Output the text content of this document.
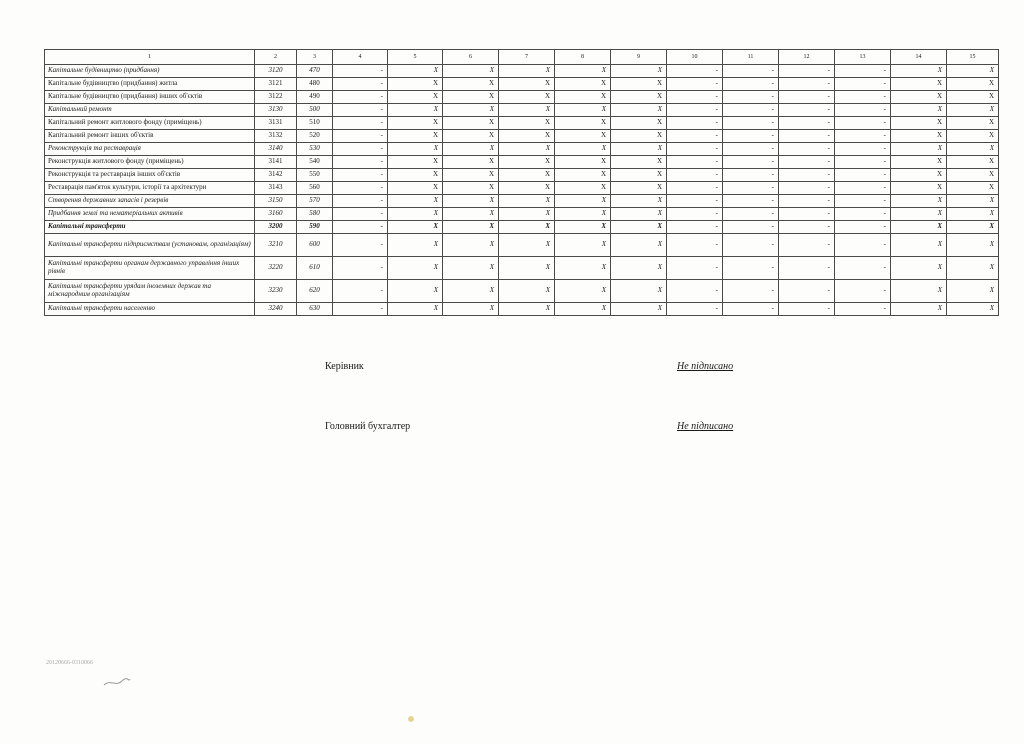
1	2	3	4	5	6	7	8	9	10	11	12	13	14	15
Капітальне будівництво (придбання)	3120	470	-	X	X	X	X	X	-	-	-	-	X	X
Капітальне будівництво (придбання) житла	3121	480	-	X	X	X	X	X	-	-	-	-	X	X
Капітальне будівництво (придбання) інших об'єктів	3122	490	-	X	X	X	X	X	-	-	-	-	X	X
Капітальний ремонт	3130	500	-	X	X	X	X	X	-	-	-	-	X	X
Капітальний ремонт житлового фонду (приміщень)	3131	510	-	X	X	X	X	X	-	-	-	-	X	X
Капітальний ремонт інших об'єктів	3132	520	-	X	X	X	X	X	-	-	-	-	X	X
Реконструкція та реставрація	3140	530	-	X	X	X	X	X	-	-	-	-	X	X
Реконструкція житлового фонду (приміщень)	3141	540	-	X	X	X	X	X	-	-	-	-	X	X
Реконструкція та реставрація інших об'єктів	3142	550	-	X	X	X	X	X	-	-	-	-	X	X
Реставрація пам'яток культури, історії та архітектури	3143	560	-	X	X	X	X	X	-	-	-	-	X	X
Створення державних запасів і резервів	3150	570	-	X	X	X	X	X	-	-	-	-	X	X
Придбання землі та нематеріальних активів	3160	580	-	X	X	X	X	X	-	-	-	-	X	X
Капітальні трансферти	3200	590	-	X	X	X	X	X	-	-	-	-	X	X
Капітальні трансферти підприємствам (установам, організаціям)	3210	600	-	X	X	X	X	X	-	-	-	-	X	X
Капітальні трансферти органам державного управління інших рівнів	3220	610	-	X	X	X	X	X	-	-	-	-	X	X
Капітальні трансферти урядам іноземних держав та міжнародним організаціям	3230	620	-	X	X	X	X	X	-	-	-	-	X	X
Капітальні трансферти населенню	3240	630	-	X	X	X	X	X	-	-	-	-	X	X
Керівник	Не підписано
Головний бухгалтер	Не підписано
20120666-0310066
